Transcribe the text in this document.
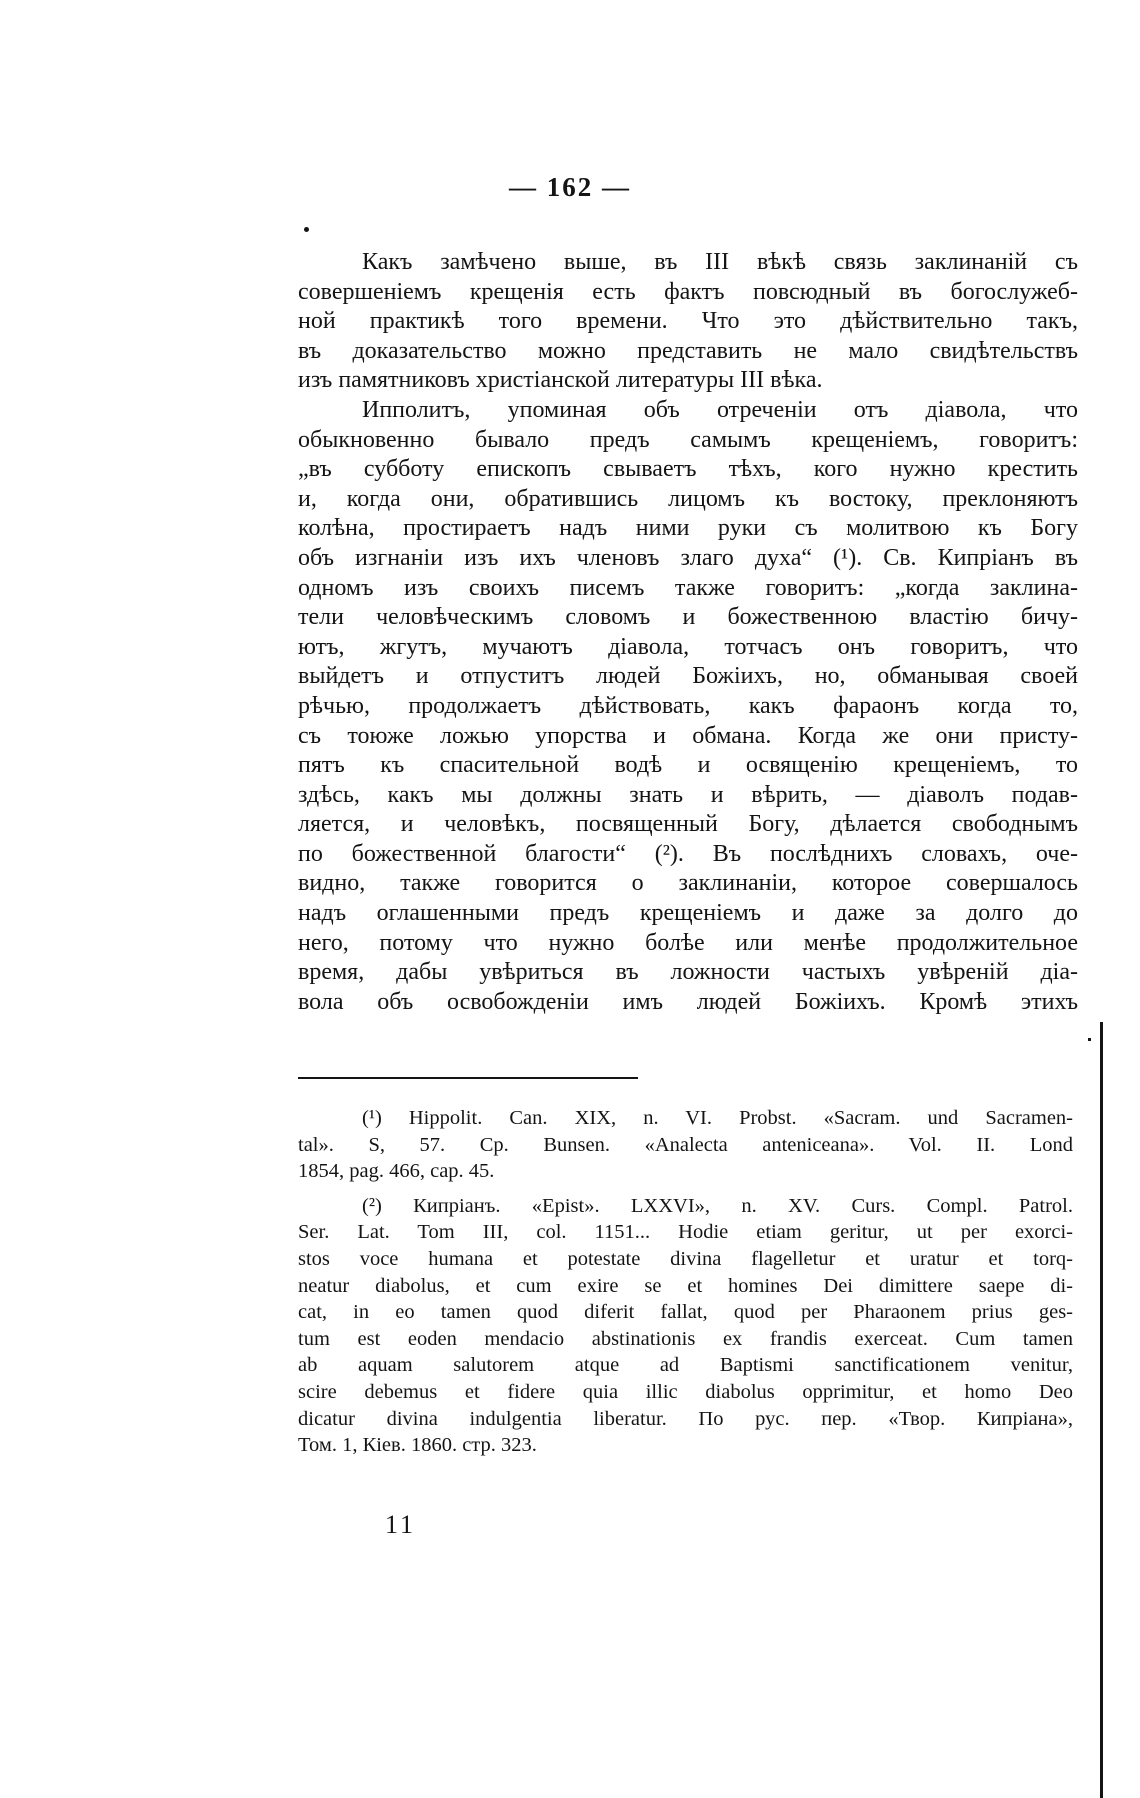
— 162 —
Какъ замѣчено выше, въ III вѣкѣ связь заклинаній съ
совершеніемъ крещенія есть фактъ повсюдный въ богослужеб-
ной практикѣ того времени. Что это дѣйствительно такъ,
въ доказательство можно представить не мало свидѣтельствъ
изъ памятниковъ христіанской литературы III вѣка.
Ипполитъ, упоминая объ отреченіи отъ діавола, что
обыкновенно бывало предъ самымъ крещеніемъ, говоритъ:
„въ субботу епископъ свываетъ тѣхъ, кого нужно крестить
и, когда они, обратившись лицомъ къ востоку, преклоняютъ
колѣна, простираетъ надъ ними руки съ молитвою къ Богу
объ изгнаніи изъ ихъ членовъ злаго духа“ (¹). Св. Кипріанъ въ
одномъ изъ своихъ писемъ также говоритъ: „когда заклина-
тели человѣческимъ словомъ и божественною властію бичу-
ютъ, жгутъ, мучаютъ діавола, тотчасъ онъ говоритъ, что
выйдетъ и отпуститъ людей Божіихъ, но, обманывая своей
рѣчью, продолжаетъ дѣйствовать, какъ фараонъ когда то,
съ тоюже ложью упорства и обмана. Когда же они присту-
пятъ къ спасительной водѣ и освященію крещеніемъ, то
здѣсь, какъ мы должны знать и вѣрить, — діаволъ подав-
ляется, и человѣкъ, посвященный Богу, дѣлается свободнымъ
по божественной благости“ (²). Въ послѣднихъ словахъ, оче-
видно, также говорится о заклинаніи, которое совершалось
надъ оглашенными предъ крещеніемъ и даже за долго до
него, потому что нужно болѣе или менѣе продолжительное
время, дабы увѣриться въ ложности частыхъ увѣреній діа-
вола объ освобожденіи имъ людей Божіихъ. Кромѣ этихъ
(¹) Hippolit. Can. XIX, n. VI. Probst. «Sacram. und Sacramen-
tal». S, 57. Cp. Bunsen. «Analecta anteniceana». Vol. II. Lond
1854, pag. 466, cap. 45.
(²) Кипріанъ. «Epist». LXXVI», n. XV. Curs. Compl. Patrol.
Ser. Lat. Tom III, col. 1151... Hodie etiam geritur, ut per exorci-
stos voce humana et potestate divina flagelletur et uratur et torq-
neatur diabolus, et cum exire se et homines Dei dimittere saepe di-
cat, in eo tamen quod diferit fallat, quod per Pharaonem prius ges-
tum est eoden mendacio abstinationis ex frandis exerceat. Cum tamen
ab aquam salutorem atque ad Baptismi sanctificationem venitur,
scire debemus et fidere quia illic diabolus opprimitur, et homo Deo
dicatur divina indulgentia liberatur. По рус. пер. «Твор. Кипріана»,
Том. 1, Кіев. 1860. стр. 323.
11
